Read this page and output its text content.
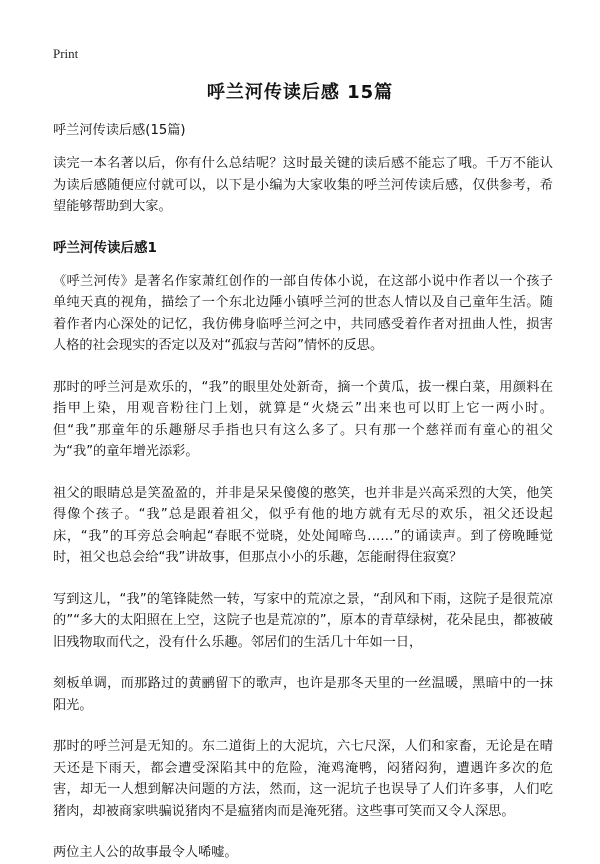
Print
呼兰河传读后感 15篇
呼兰河传读后感(15篇)

读完一本名著以后，你有什么总结呢？这时最关键的读后感不能忘了哦。千万不能认为读后感随便应付就可以，以下是小编为大家收集的呼兰河传读后感，仅供参考，希望能够帮助到大家。

呼兰河传读后感1

《呼兰河传》是著名作家萧红创作的一部自传体小说，在这部小说中作者以一个孩子单纯天真的视角，描绘了一个东北边陲小镇呼兰河的世态人情以及自己童年生活。随着作者内心深处的记忆，我仿佛身临呼兰河之中，共同感受着作者对扭曲人性，损害人格的社会现实的否定以及对“孤寂与苦闷”情怀的反思。

那时的呼兰河是欢乐的，“我”的眼里处处新奇，摘一个黄瓜，拔一棵白菜，用颜料在指甲上染，用观音粉往门上划，就算是“火烧云”出来也可以盯上它一两小时。但“我”那童年的乐趣掰尽手指也只有这么多了。只有那一个慈祥而有童心的祖父为“我”的童年增光添彩。

祖父的眼睛总是笑盈盈的，并非是呆呆傻傻的憨笑，也并非是兴高采烈的大笑，他笑得像个孩子。“我”总是跟着祖父，似乎有他的地方就有无尽的欢乐，祖父还设起床，“我”的耳旁总会响起“春眠不觉晓，处处闻啼鸟……”的诵读声。到了傍晚睡觉时，祖父也总会给“我”讲故事，但那点小小的乐趣，怎能耐得住寂寞？

写到这儿，“我”的笔锋陡然一转，写家中的荒凉之景，“刮风和下雨，这院子是很荒凉的”“多大的太阳照在上空，这院子也是荒凉的”，原本的青草绿树，花朵昆虫，都被破旧残物取而代之，没有什么乐趣。邻居们的生活几十年如一日，

刻板单调，而那路过的黄鹂留下的歌声，也许是那冬天里的一丝温暖，黑暗中的一抹阳光。

那时的呼兰河是无知的。东二道街上的大泥坑，六七尺深，人们和家畜，无论是在晴天还是下雨天，都会遭受深陷其中的危险，淹鸡淹鸭，闷猪闷狗，遭遇许多次的危害，却无一人想到解决问题的方法，然而，这一泥坑子也误导了人们许多事，人们吃猪肉，却被商家哄骗说猪肉不是瘟猪肉而是淹死猪。这些事可笑而又令人深思。

两位主人公的故事最令人唏嘘。
